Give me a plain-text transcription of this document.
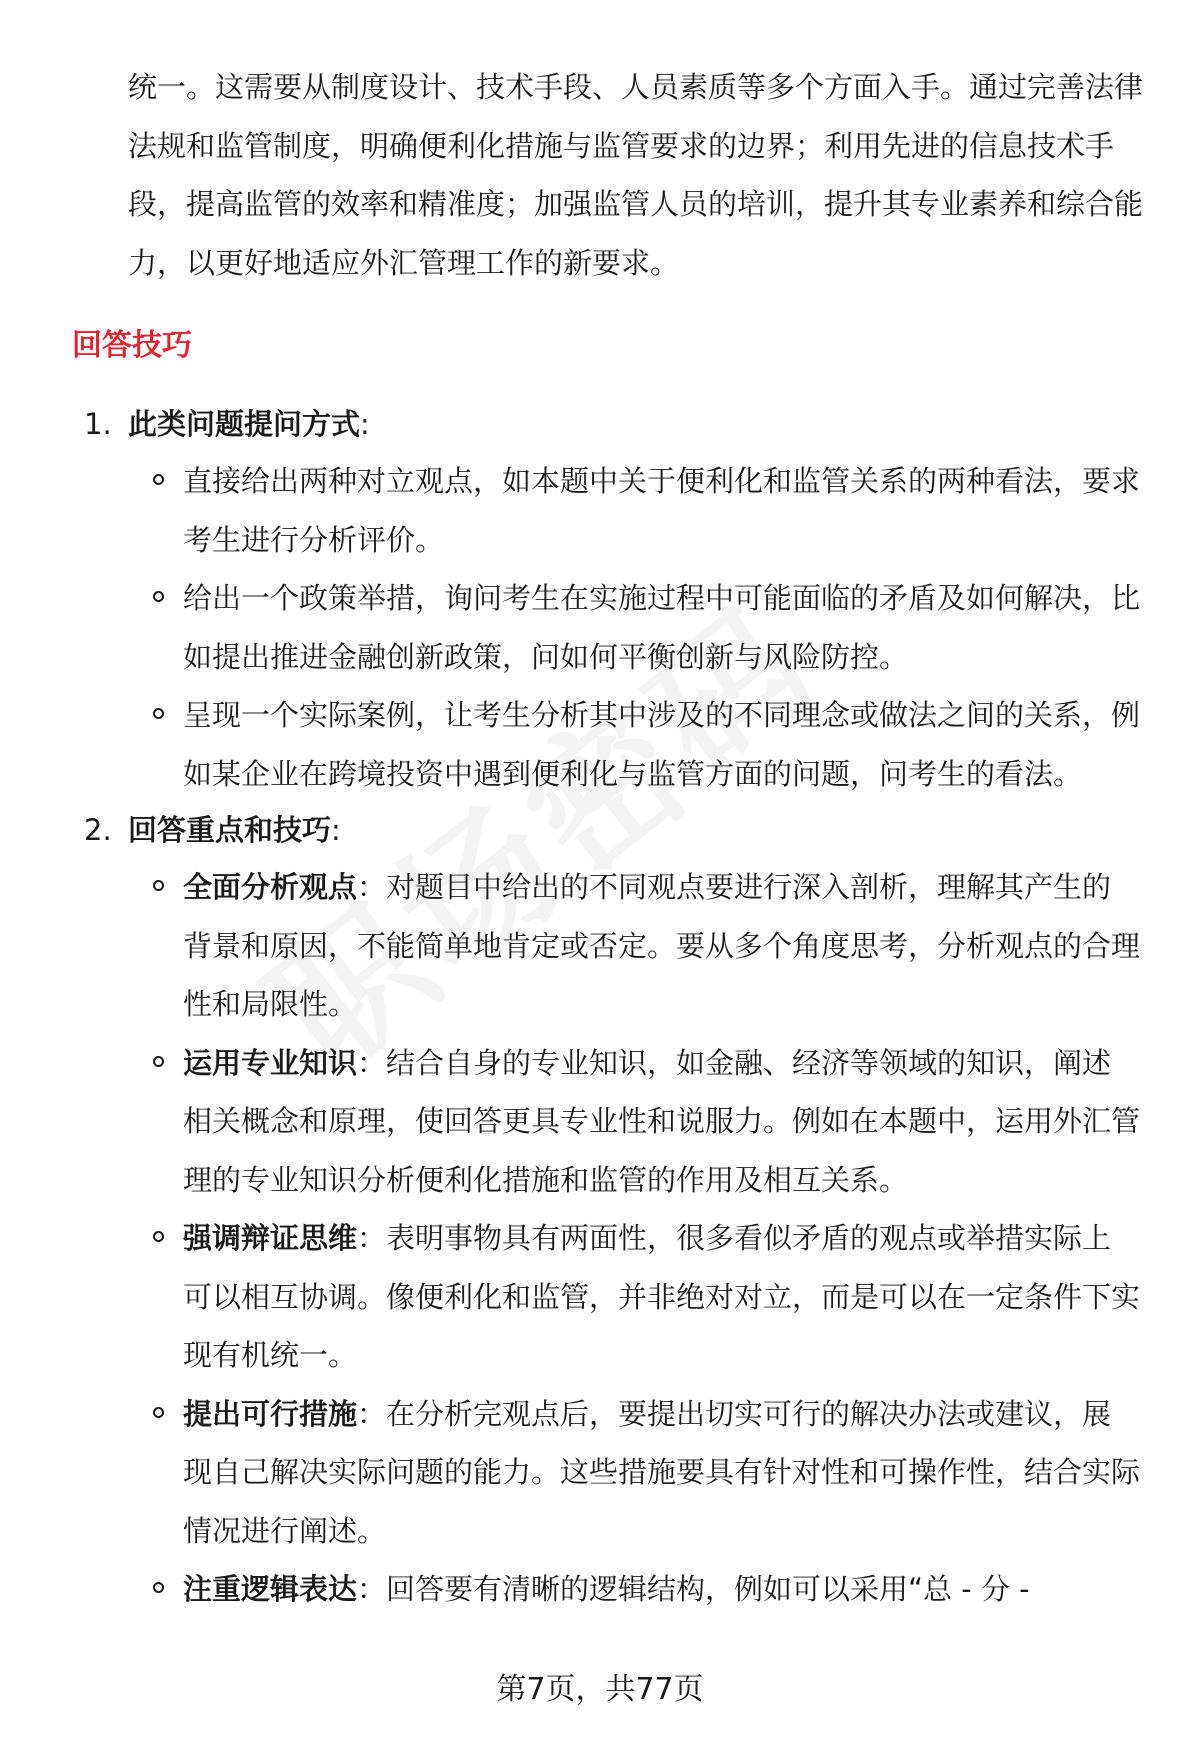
统一。这需要从制度设计、技术手段、人员素质等多个方面入手。通过完善法律法规和监管制度，明确便利化措施与监管要求的边界；利用先进的信息技术手段，提高监管的效率和精准度；加强监管人员的培训，提升其专业素养和综合能力，以更好地适应外汇管理工作的新要求。

回答技巧
1. 此类问题提问方式:
直接给出两种对立观点，如本题中关于便利化和监管关系的两种看法，要求考生进行分析评价。
给出一个政策举措，询问考生在实施过程中可能面临的矛盾及如何解决，比如提出推进金融创新政策，问如何平衡创新与风险防控。
呈现一个实际案例，让考生分析其中涉及的不同理念或做法之间的关系，例如某企业在跨境投资中遇到便利化与监管方面的问题，问考生的看法。
2. 回答重点和技巧:
全面分析观点：对题目中给出的不同观点要进行深入剖析，理解其产生的背景和原因，不能简单地肯定或否定。要从多个角度思考，分析观点的合理性和局限性。
运用专业知识：结合自身的专业知识，如金融、经济等领域的知识，阐述相关概念和原理，使回答更具专业性和说服力。例如在本题中，运用外汇管理的专业知识分析便利化措施和监管的作用及相互关系。
强调辩证思维：表明事物具有两面性，很多看似矛盾的观点或举措实际上可以相互协调。像便利化和监管，并非绝对对立，而是可以在一定条件下实现有机统一。
提出可行措施：在分析完观点后，要提出切实可行的解决办法或建议，展现自己解决实际问题的能力。这些措施要具有针对性和可操作性，结合实际情况进行阐述。
注重逻辑表达：回答要有清晰的逻辑结构，例如可以采用“总 - 分 -

第7页，共77页
